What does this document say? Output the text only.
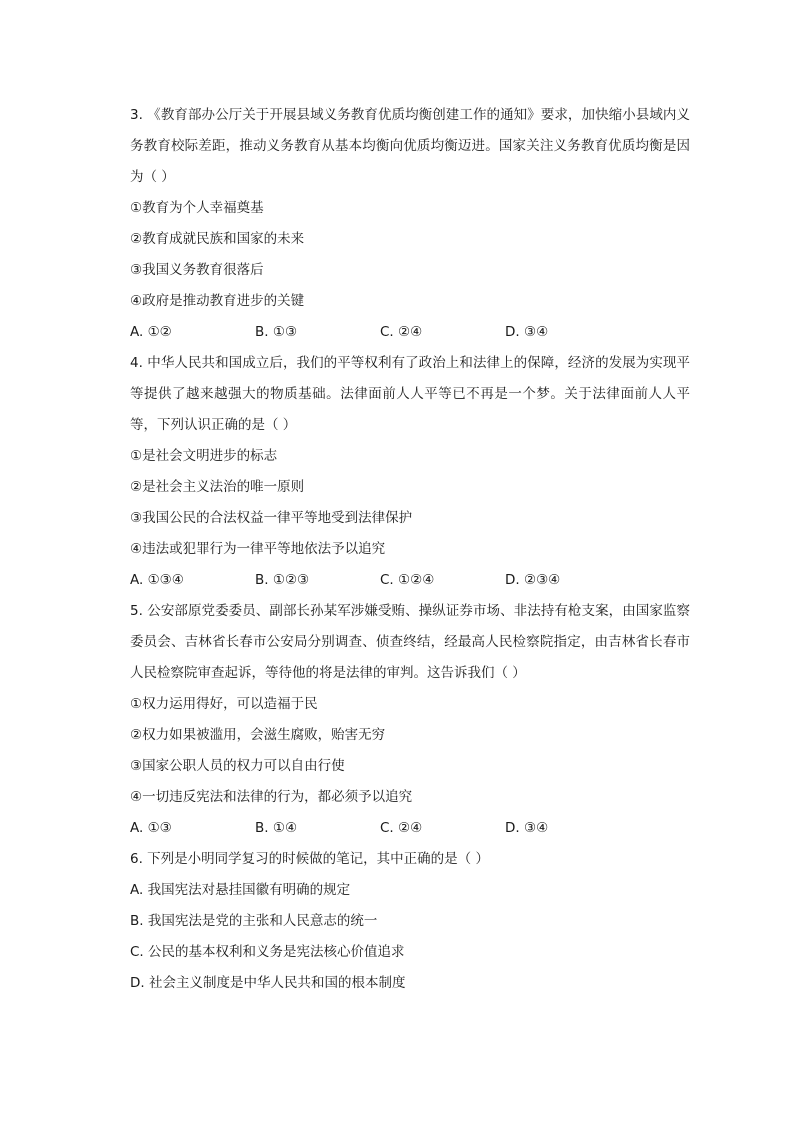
3. 《教育部办公厅关于开展县域义务教育优质均衡创建工作的通知》要求，加快缩小县域内义务教育校际差距，推动义务教育从基本均衡向优质均衡迈进。国家关注义务教育优质均衡是因为（ ）
①教育为个人幸福奠基
②教育成就民族和国家的未来
③我国义务教育很落后
④政府是推动教育进步的关键
A. ①②	B. ①③	C. ②④	D. ③④
4. 中华人民共和国成立后，我们的平等权利有了政治上和法律上的保障，经济的发展为实现平等提供了越来越强大的物质基础。法律面前人人平等已不再是一个梦。关于法律面前人人平等，下列认识正确的是（ ）
①是社会文明进步的标志
②是社会主义法治的唯一原则
③我国公民的合法权益一律平等地受到法律保护
④违法或犯罪行为一律平等地依法予以追究
A. ①③④	B. ①②③	C. ①②④	D. ②③④
5. 公安部原党委委员、副部长孙某军涉嫌受贿、操纵证券市场、非法持有枪支案，由国家监察委员会、吉林省长春市公安局分别调查、侦查终结，经最高人民检察院指定，由吉林省长春市人民检察院审查起诉，等待他的将是法律的审判。这告诉我们（ ）
①权力运用得好，可以造福于民
②权力如果被滥用，会滋生腐败，贻害无穷
③国家公职人员的权力可以自由行使
④一切违反宪法和法律的行为，都必须予以追究
A. ①③	B. ①④	C. ②④	D. ③④
6. 下列是小明同学复习的时候做的笔记，其中正确的是（ ）
A. 我国宪法对悬挂国徽有明确的规定
B. 我国宪法是党的主张和人民意志的统一
C. 公民的基本权利和义务是宪法核心价值追求
D. 社会主义制度是中华人民共和国的根本制度
